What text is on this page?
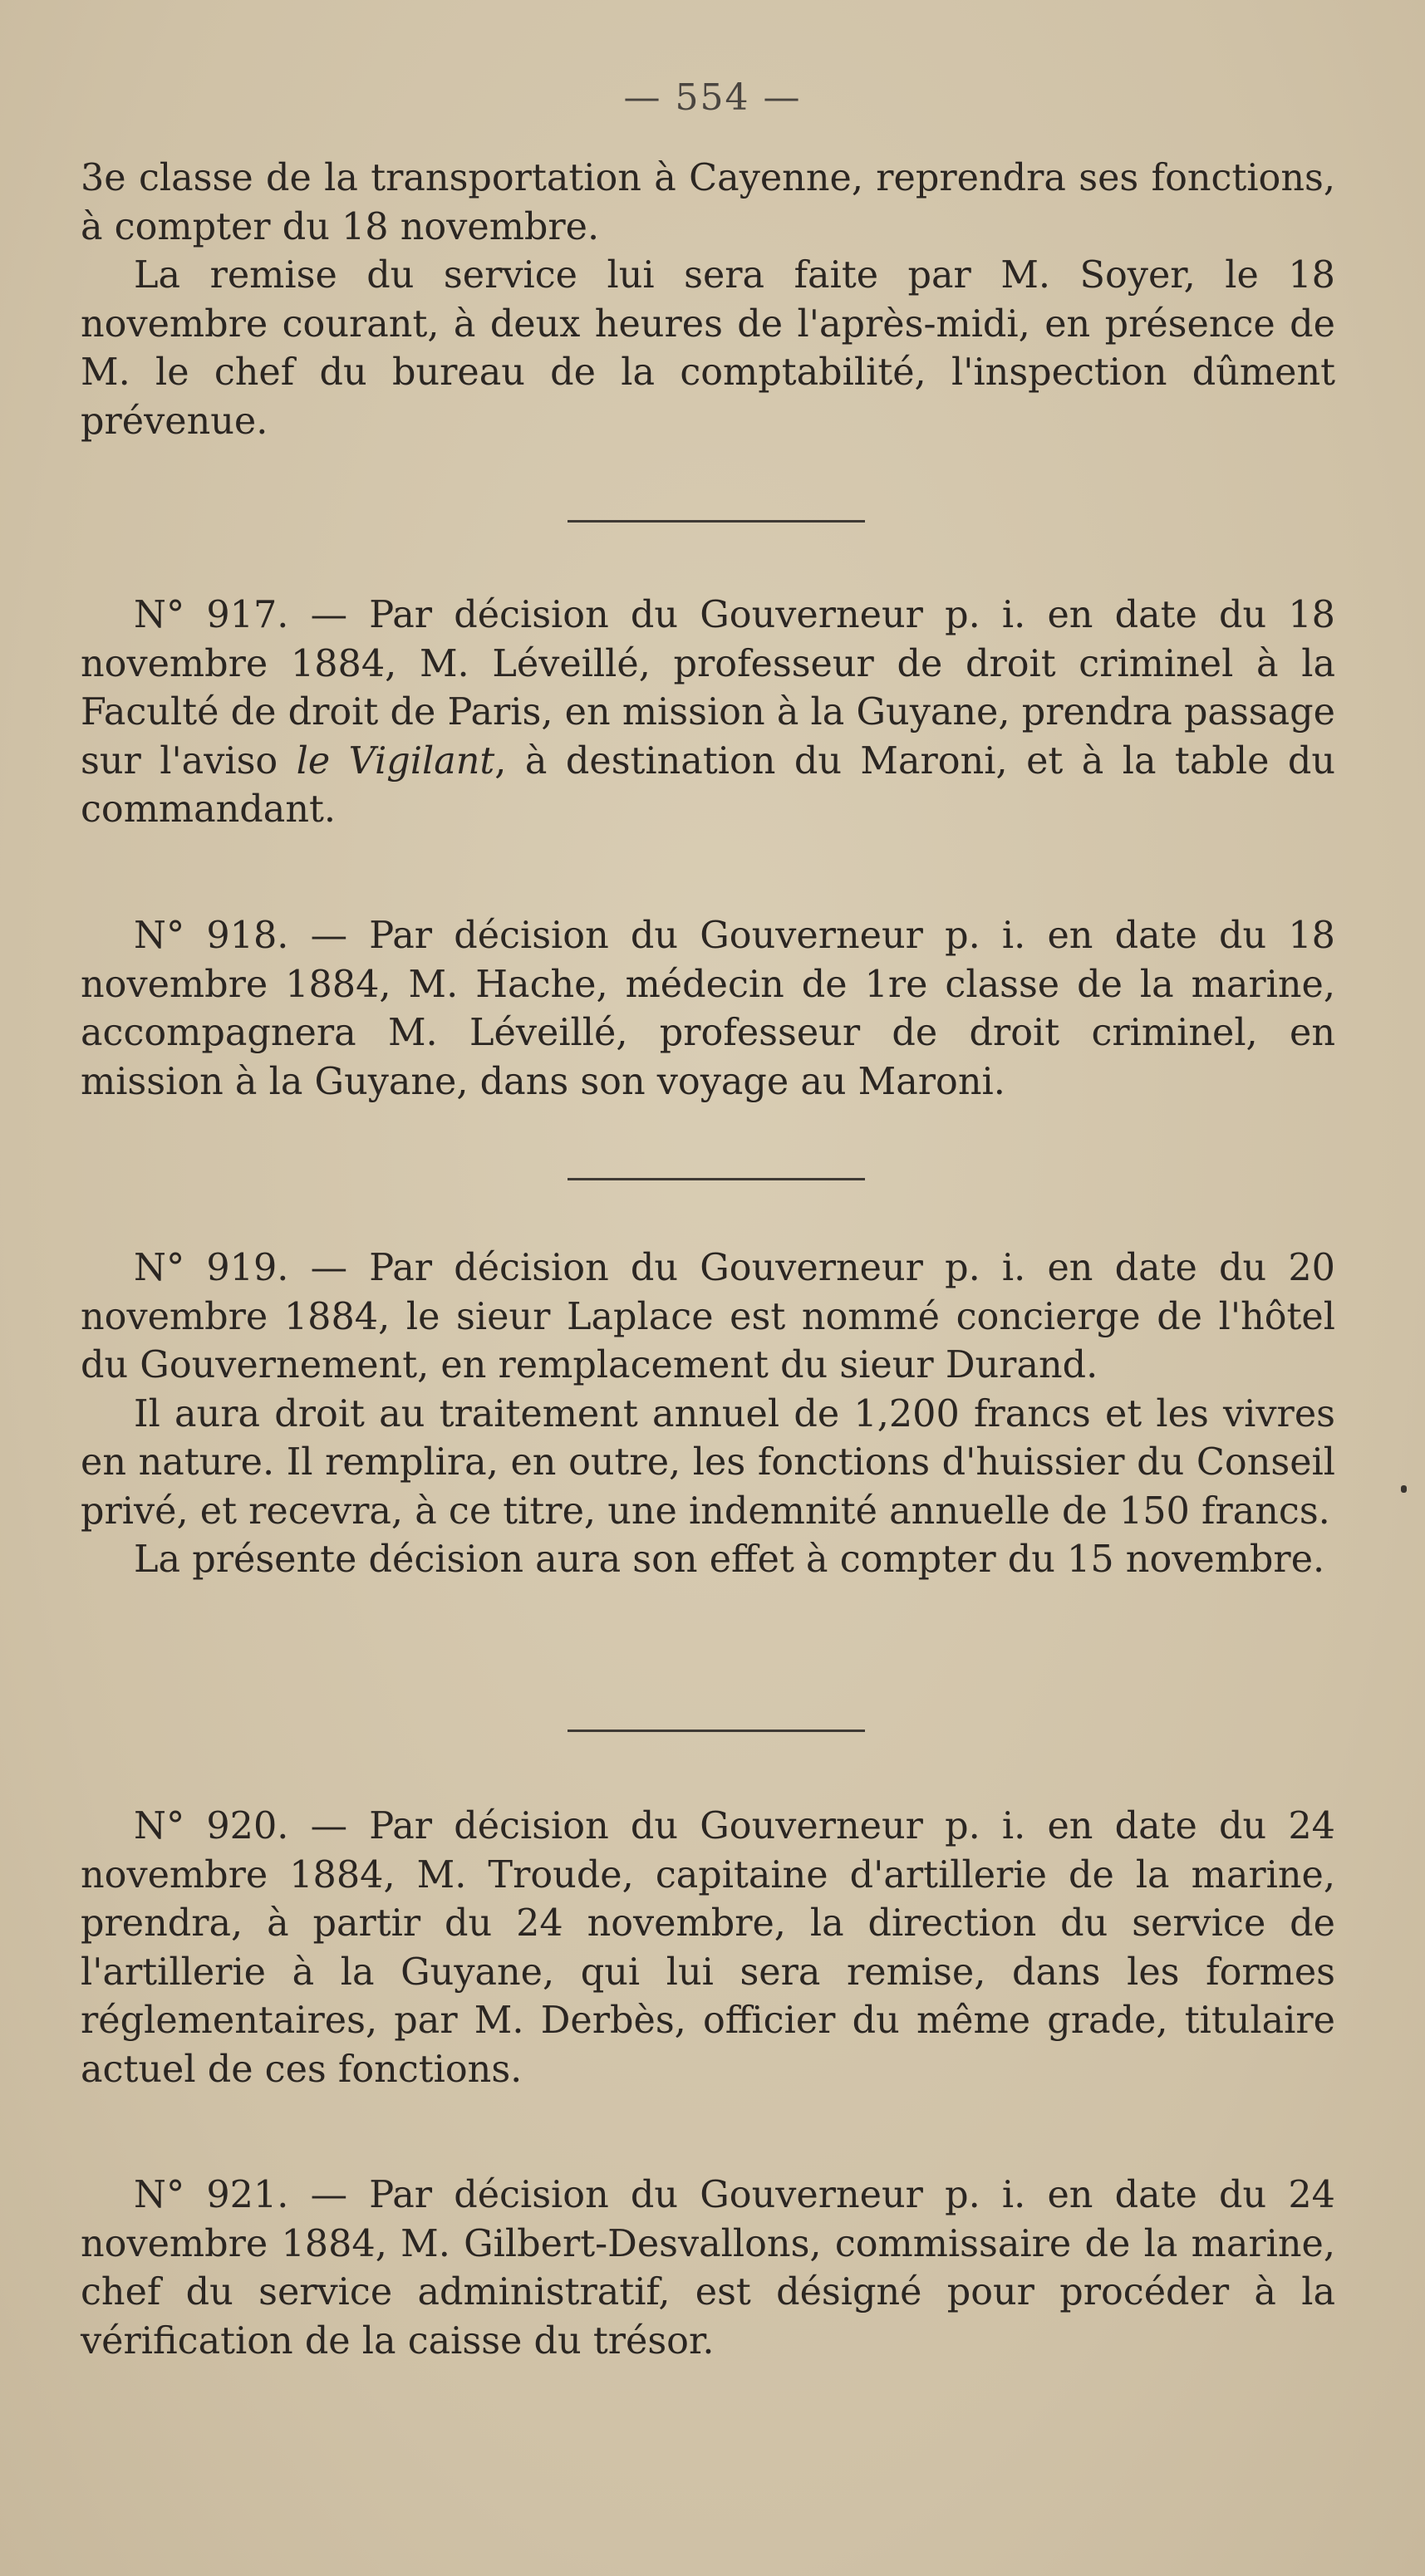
— 554 —

3e classe de la transportation à Cayenne, reprendra ses fonctions, à compter du 18 novembre.

La remise du service lui sera faite par M. Soyer, le 18 novembre courant, à deux heures de l'après-midi, en présence de M. le chef du bureau de la comptabilité, l'inspection dûment prévenue.

N° 917. — Par décision du Gouverneur p. i. en date du 18 novembre 1884, M. Léveillé, professeur de droit criminel à la Faculté de droit de Paris, en mission à la Guyane, prendra passage sur l'aviso le Vigilant, à destination du Maroni, et à la table du commandant.

N° 918. — Par décision du Gouverneur p. i. en date du 18 novembre 1884, M. Hache, médecin de 1re classe de la marine, accompagnera M. Léveillé, professeur de droit criminel, en mission à la Guyane, dans son voyage au Maroni.

N° 919. — Par décision du Gouverneur p. i. en date du 20 novembre 1884, le sieur Laplace est nommé concierge de l'hôtel du Gouvernement, en remplacement du sieur Durand.

Il aura droit au traitement annuel de 1,200 francs et les vivres en nature. Il remplira, en outre, les fonctions d'huissier du Conseil privé, et recevra, à ce titre, une indemnité annuelle de 150 francs.

La présente décision aura son effet à compter du 15 novembre.

N° 920. — Par décision du Gouverneur p. i. en date du 24 novembre 1884, M. Troude, capitaine d'artillerie de la marine, prendra, à partir du 24 novembre, la direction du service de l'artillerie à la Guyane, qui lui sera remise, dans les formes réglementaires, par M. Derbès, officier du même grade, titulaire actuel de ces fonctions.

N° 921. — Par décision du Gouverneur p. i. en date du 24 novembre 1884, M. Gilbert-Desvallons, commissaire de la marine, chef du service administratif, est désigné pour procéder à la vérification de la caisse du trésor.
